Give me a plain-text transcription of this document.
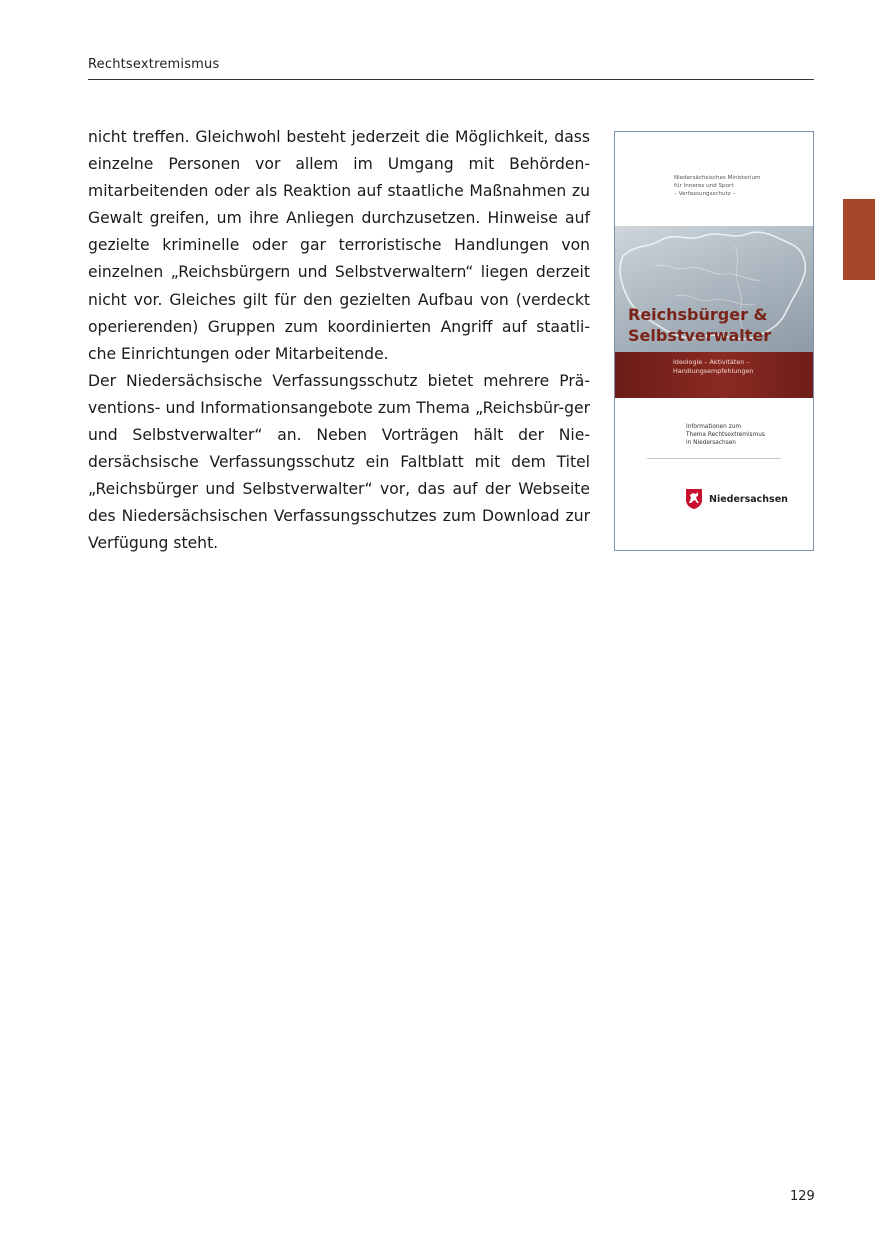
Rechtsextremismus

nicht treffen. Gleichwohl besteht jederzeit die Möglichkeit, dass einzelne Personen vor allem im Umgang mit Behörden-mitarbeitenden oder als Reaktion auf staatliche Maßnahmen zu Gewalt greifen, um ihre Anliegen durchzusetzen. Hinweise auf gezielte kriminelle oder gar terroristische Handlungen von einzelnen „Reichsbürgern und Selbstverwaltern“ liegen derzeit nicht vor. Gleiches gilt für den gezielten Aufbau von (verdeckt operierenden) Gruppen zum koordinierten Angriff auf staatli-che Einrichtungen oder Mitarbeitende.

Der Niedersächsische Verfassungsschutz bietet mehrere Prä-ventions- und Informationsangebote zum Thema „Reichsbür-ger und Selbstverwalter“ an. Neben Vorträgen hält der Nie-dersächsische Verfassungsschutz ein Faltblatt mit dem Titel „Reichsbürger und Selbstverwalter“ vor, das auf der Webseite des Niedersächsischen Verfassungsschutzes zum Download zur Verfügung steht.

Niedersächsisches Ministerium
für Inneres und Sport
– Verfassungsschutz –
Reichsbürger &
Selbstverwalter
Ideologie – Aktivitäten –
Handlungsempfehlungen
Informationen zum
Thema Rechtsextremismus
in Niedersachsen
Niedersachsen
129
